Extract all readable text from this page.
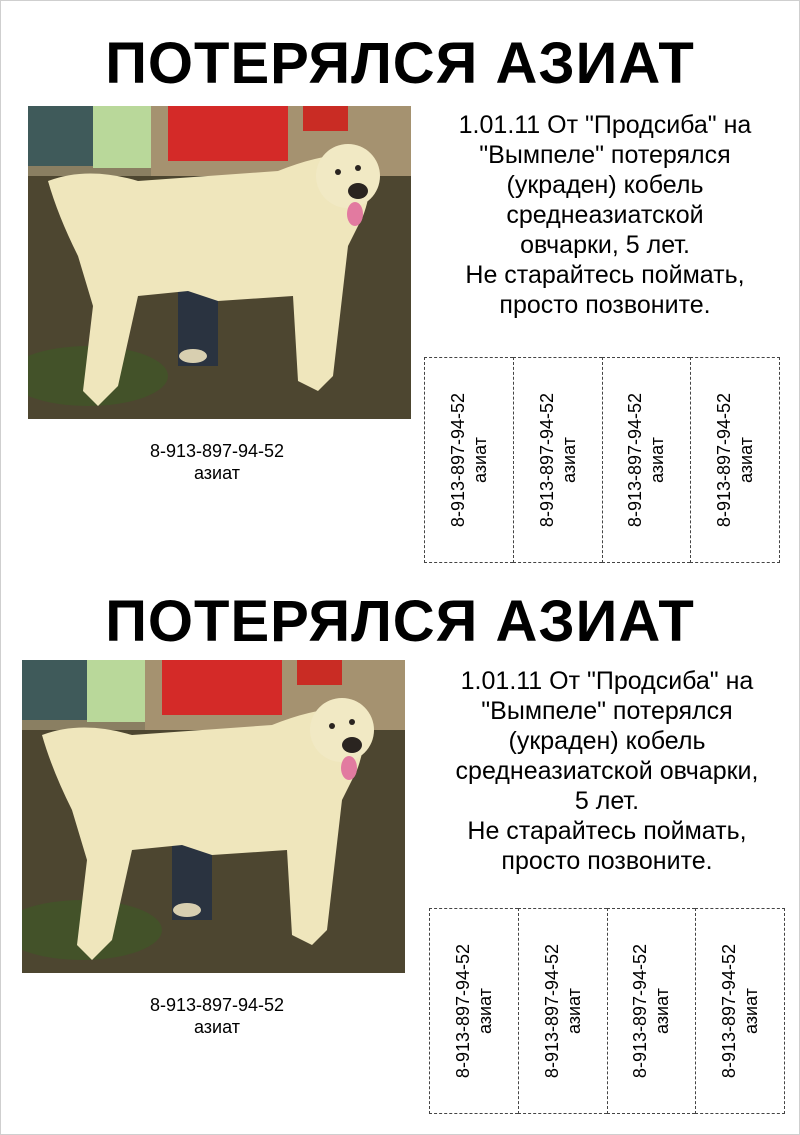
ПОТЕРЯЛСЯ АЗИАТ
8-913-897-94-52
азиат

1.01.11 От "Продсиба" на

"Вымпеле" потерялся

(украден) кобель

среднеазиатской

овчарки, 5 лет.

Не старайтесь поймать,

просто позвоните.

8-913-897-94-52 азиат	8-913-897-94-52 азиат	8-913-897-94-52 азиат	8-913-897-94-52 азиат
ПОТЕРЯЛСЯ АЗИАТ
8-913-897-94-52
азиат

1.01.11 От "Продсиба" на

"Вымпеле" потерялся

(украден) кобель

среднеазиатской овчарки,

5 лет.

Не старайтесь поймать,

просто позвоните.

8-913-897-94-52 азиат	8-913-897-94-52 азиат	8-913-897-94-52 азиат	8-913-897-94-52 азиат
